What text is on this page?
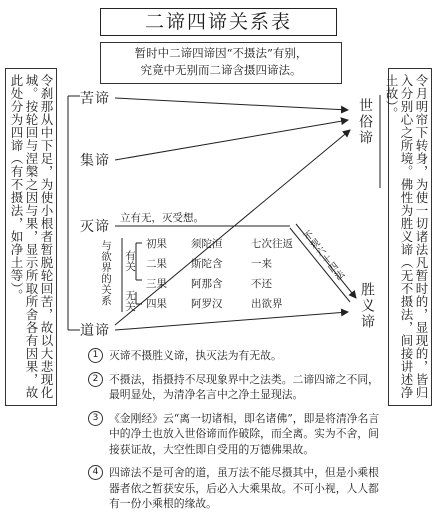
二谛四谛关系表
暂时中二谛四谛因“不摄法”有别，
究竟中无别而二谛含摄四谛法。
令刹那从中下足，为使小根者暂脱轮回苦，故以大悲现化城。按轮回与涅槃之因与果，显示所取所舍各有因果，故此处分为四谛（有不摄法，如净土等）。	令月明帘下转身，为使一切诸法凡暂时的，显现的，皆归入分别心之所境。佛性为胜义谛（无不摄法，间接讲述净土故）。
苦谛
集谛
灭谛
道谛
世俗谛
胜义谛
立有无，灭受想。
与欲界的关系 有关
无关
不观六十四法
初果	须陀洹	七次往返
二果	斯陀含	一来
三果	阿那含	不还
四果	阿罗汉	出欲界
1 灭谛不摄胜义谛，执灭法为有无故。
2 不摄法，指摄持不尽现象界中之法类。二谛四谛之不同，最明显处，为清净名言中之净土显现法。
3 《金刚经》云“离一切诸相，即名诸佛”，即是将清净名言中的净土也放入世俗谛而作破除，而全离。实为不舍，间接获证故，大空性即自受用的万德佛果故。
4 四谛法不是可舍的道，虽万法不能尽摄其中，但是小乘根器者依之暂获安乐，后必入大乘果故。不可小视，人人都有一份小乘根的缘故。
